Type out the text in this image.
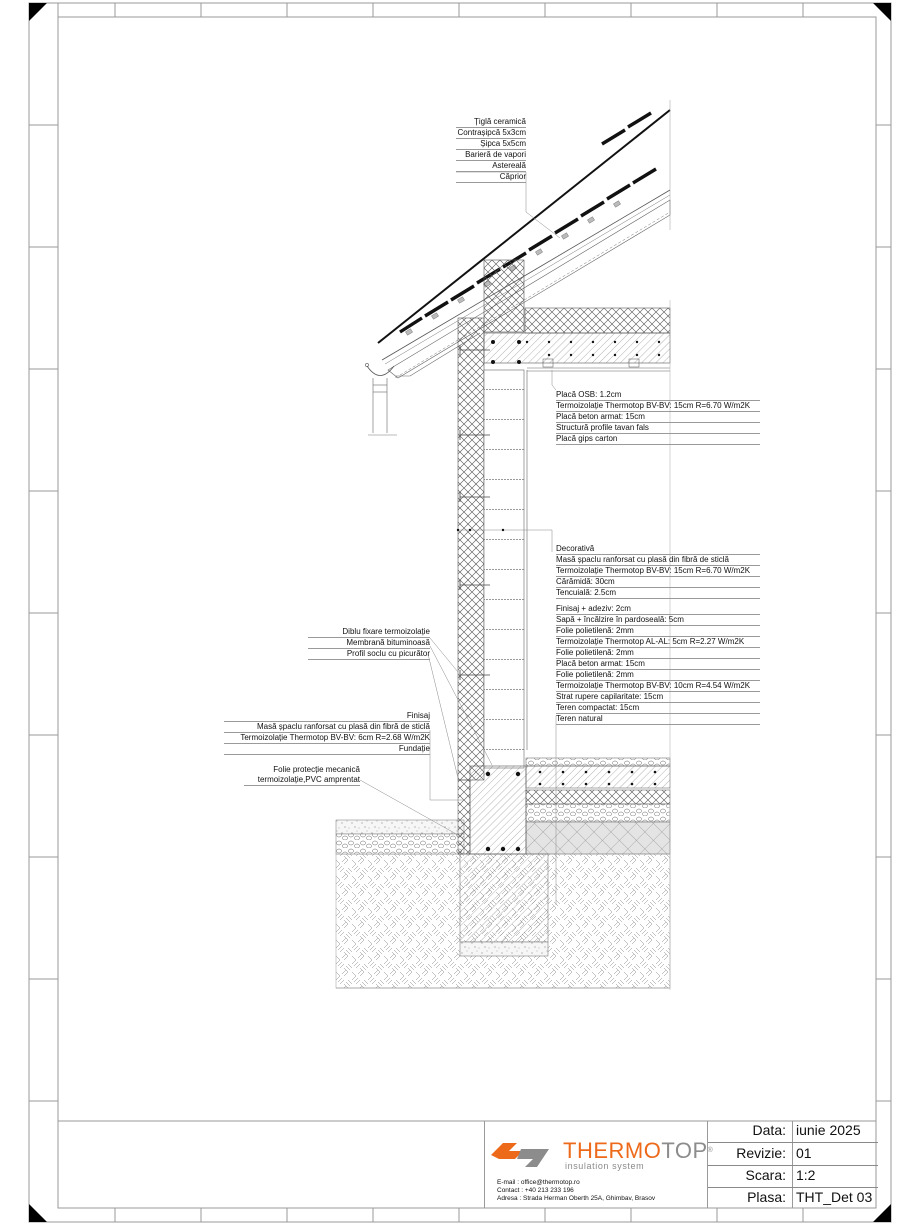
Țiglă ceramică
Contrașipcă 5x3cm
Șipca 5x5cm
Barieră de vapori
Astereală
Căprior
Placă OSB: 1.2cm
Termoizolație Thermotop BV-BV: 15cm R=6.70 W/m2K
Placă beton armat: 15cm
Structură profile tavan fals
Placă gips carton
Decorativă
Masă șpaclu ranforsat cu plasă din fibră de sticlă
Termoizolație Thermotop BV-BV: 15cm R=6.70 W/m2K
Cărămidă: 30cm
Tencuială: 2.5cm
Finisaj + adeziv: 2cm
Sapă + încălzire în pardoseală: 5cm
Folie polietilenă: 2mm
Termoizolație Thermotop AL-AL: 5cm R=2.27 W/m2K
Folie polietilenă: 2mm
Placă beton armat: 15cm
Folie polietilenă: 2mm
Termoizolație Thermotop BV-BV: 10cm R=4.54 W/m2K
Strat rupere capilaritate: 15cm
Teren compactat: 15cm
Teren natural
Diblu fixare termoizolație
Membrană bituminoasă
Profil soclu cu picurător
Finisaj
Masă șpaclu ranforsat cu plasă din fibră de sticlă
Termoizolație Thermotop BV-BV: 6cm R=2.68 W/m2K
Fundație
Folie protecție mecanică
termoizolație,PVC amprentat
THERMOTOP®
insulation system
E-mail : office@thermotop.ro
Contact : +40 213 233 196
Adresa : Strada Herman Oberth 25A, Ghimbav, Brasov
Data: iunie 2025
Revizie: 01
Scara: 1:2
Plasa: THT_Det 03
